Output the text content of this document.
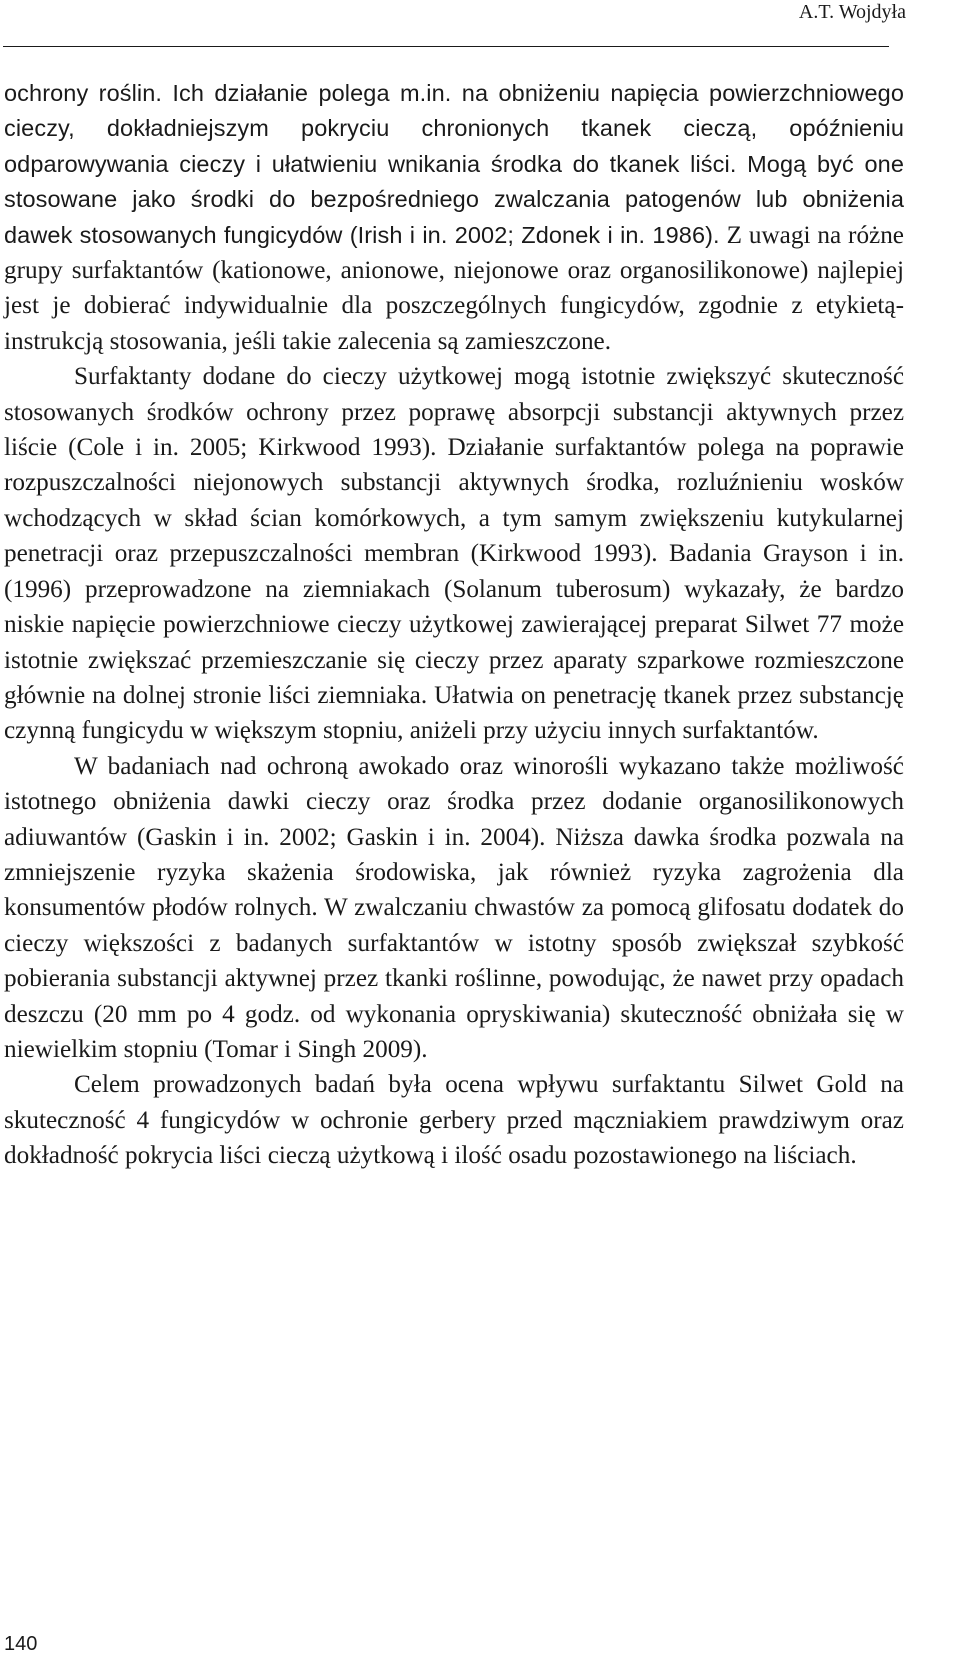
A.T. Wojdyła

ochrony roślin. Ich działanie polega m.in. na obniżeniu napięcia powierzchniowego cieczy, dokładniejszym pokryciu chronionych tkanek cieczą, opóźnieniu odparowywania cieczy i ułatwieniu wnikania środka do tkanek liści. Mogą być one stosowane jako środki do bezpośredniego zwalczania patogenów lub obniżenia dawek stosowanych fungicydów (Irish i in. 2002; Zdonek i in. 1986). Z uwagi na różne grupy surfaktantów (kationowe, anionowe, niejonowe oraz organosilikonowe) najlepiej jest je dobierać indywidualnie dla poszczególnych fungicydów, zgodnie z etykietą-instrukcją stosowania, jeśli takie zalecenia są zamieszczone.

Surfaktanty dodane do cieczy użytkowej mogą istotnie zwiększyć skuteczność stosowanych środków ochrony przez poprawę absorpcji substancji aktywnych przez liście (Cole i in. 2005; Kirkwood 1993). Działanie surfaktantów polega na poprawie rozpuszczalności niejonowych substancji aktywnych środka, rozluźnieniu wosków wchodzących w skład ścian komórkowych, a tym samym zwiększeniu kutykularnej penetracji oraz przepuszczalności membran (Kirkwood 1993). Badania Grayson i in. (1996) przeprowadzone na ziemniakach (Solanum tuberosum) wykazały, że bardzo niskie napięcie powierzchniowe cieczy użytkowej zawierającej preparat Silwet 77 może istotnie zwiększać przemieszczanie się cieczy przez aparaty szparkowe rozmieszczone głównie na dolnej stronie liści ziemniaka. Ułatwia on penetrację tkanek przez substancję czynną fungicydu w większym stopniu, aniżeli przy użyciu innych surfaktantów.

W badaniach nad ochroną awokado oraz winorośli wykazano także możliwość istotnego obniżenia dawki cieczy oraz środka przez dodanie organosilikonowych adiuwantów (Gaskin i in. 2002; Gaskin i in. 2004). Niższa dawka środka pozwala na zmniejszenie ryzyka skażenia środowiska, jak również ryzyka zagrożenia dla konsumentów płodów rolnych. W zwalczaniu chwastów za pomocą glifosatu dodatek do cieczy większości z badanych surfaktantów w istotny sposób zwiększał szybkość pobierania substancji aktywnej przez tkanki roślinne, powodując, że nawet przy opadach deszczu (20 mm po 4 godz. od wykonania opryskiwania) skuteczność obniżała się w niewielkim stopniu (Tomar i Singh 2009).

Celem prowadzonych badań była ocena wpływu surfaktantu Silwet Gold na skuteczność 4 fungicydów w ochronie gerbery przed mączniakiem prawdziwym oraz dokładność pokrycia liści cieczą użytkową i ilość osadu pozostawionego na liściach.

140
